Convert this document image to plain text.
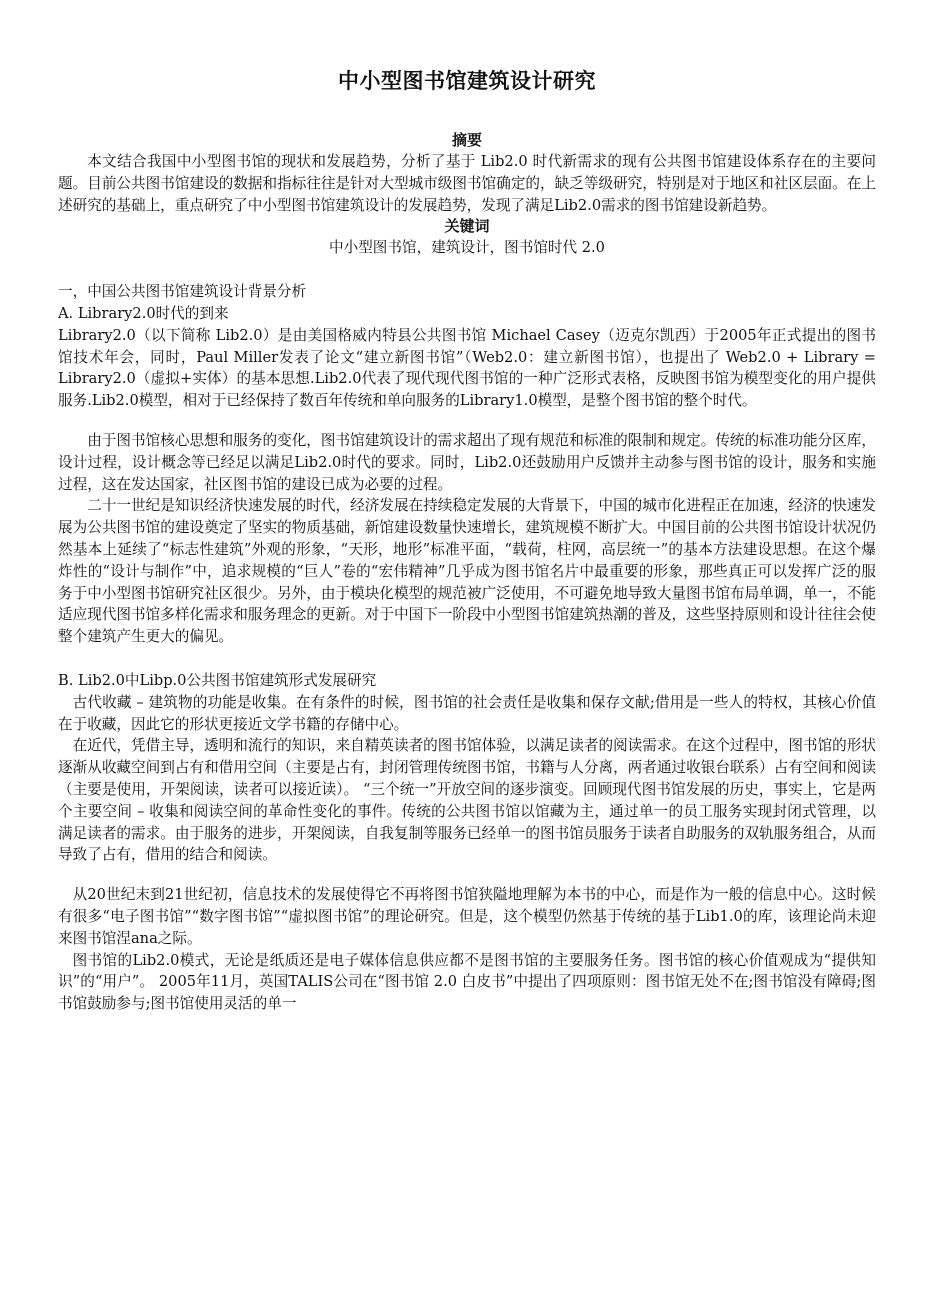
中小型图书馆建筑设计研究
摘要

本文结合我国中小型图书馆的现状和发展趋势，分析了基于 Lib2.0 时代新需求的现有公共图书馆建设体系存在的主要问题。目前公共图书馆建设的数据和指标往往是针对大型城市级图书馆确定的，缺乏等级研究，特别是对于地区和社区层面。在上述研究的基础上，重点研究了中小型图书馆建筑设计的发展趋势，发现了满足Lib2.0需求的图书馆建设新趋势。

关键词

中小型图书馆，建筑设计，图书馆时代 2.0

一，中国公共图书馆建筑设计背景分析

A. Library2.0时代的到来

Library2.0（以下简称 Lib2.0）是由美国格威内特县公共图书馆 Michael Casey（迈克尔凯西）于2005年正式提出的图书馆技术年会，同时，Paul Miller发表了论文“建立新图书馆”（Web2.0：建立新图书馆），也提出了 Web2.0 + Library = Library2.0（虚拟+实体）的基本思想.Lib2.0代表了现代现代图书馆的一种广泛形式表格，反映图书馆为模型变化的用户提供服务.Lib2.0模型，相对于已经保持了数百年传统和单向服务的Library1.0模型，是整个图书馆的整个时代。

由于图书馆核心思想和服务的变化，图书馆建筑设计的需求超出了现有规范和标准的限制和规定。传统的标准功能分区库，设计过程，设计概念等已经足以满足Lib2.0时代的要求。同时，Lib2.0还鼓励用户反馈并主动参与图书馆的设计，服务和实施过程，这在发达国家，社区图书馆的建设已成为必要的过程。

二十一世纪是知识经济快速发展的时代，经济发展在持续稳定发展的大背景下，中国的城市化进程正在加速，经济的快速发展为公共图书馆的建设奠定了坚实的物质基础，新馆建设数量快速增长，建筑规模不断扩大。中国目前的公共图书馆设计状况仍然基本上延续了“标志性建筑”外观的形象，“天形，地形”标准平面，“载荷，柱网，高层统一”的基本方法建设思想。在这个爆炸性的“设计与制作”中，追求规模的“巨人”卷的“宏伟精神”几乎成为图书馆名片中最重要的形象，那些真正可以发挥广泛的服务于中小型图书馆研究社区很少。另外，由于模块化模型的规范被广泛使用，不可避免地导致大量图书馆布局单调，单一，不能适应现代图书馆多样化需求和服务理念的更新。对于中国下一阶段中小型图书馆建筑热潮的普及，这些坚持原则和设计往往会使整个建筑产生更大的偏见。

B. Lib2.0中Libp.0公共图书馆建筑形式发展研究

古代收藏 – 建筑物的功能是收集。在有条件的时候，图书馆的社会责任是收集和保存文献;借用是一些人的特权，其核心价值在于收藏，因此它的形状更接近文学书籍的存储中心。

在近代，凭借主导，透明和流行的知识，来自精英读者的图书馆体验，以满足读者的阅读需求。在这个过程中，图书馆的形状逐渐从收藏空间到占有和借用空间（主要是占有，封闭管理传统图书馆，书籍与人分离，两者通过收银台联系）占有空间和阅读（主要是使用，开架阅读，读者可以接近读）。 “三个统一”开放空间的逐步演变。回顾现代图书馆发展的历史，事实上，它是两个主要空间 – 收集和阅读空间的革命性变化的事件。传统的公共图书馆以馆藏为主，通过单一的员工服务实现封闭式管理，以满足读者的需求。由于服务的进步，开架阅读，自我复制等服务已经单一的图书馆员服务于读者自助服务的双轨服务组合，从而导致了占有，借用的结合和阅读。

从20世纪末到21世纪初，信息技术的发展使得它不再将图书馆狭隘地理解为本书的中心，而是作为一般的信息中心。这时候有很多“电子图书馆”“数字图书馆”“虚拟图书馆”的理论研究。但是，这个模型仍然基于传统的基于Lib1.0的库，该理论尚未迎来图书馆涅ana之际。

图书馆的Lib2.0模式，无论是纸质还是电子媒体信息供应都不是图书馆的主要服务任务。图书馆的核心价值观成为“提供知识”的“用户”。 2005年11月，英国TALIS公司在“图书馆 2.0 白皮书”中提出了四项原则：图书馆无处不在;图书馆没有障碍;图书馆鼓励参与;图书馆使用灵活的单一
